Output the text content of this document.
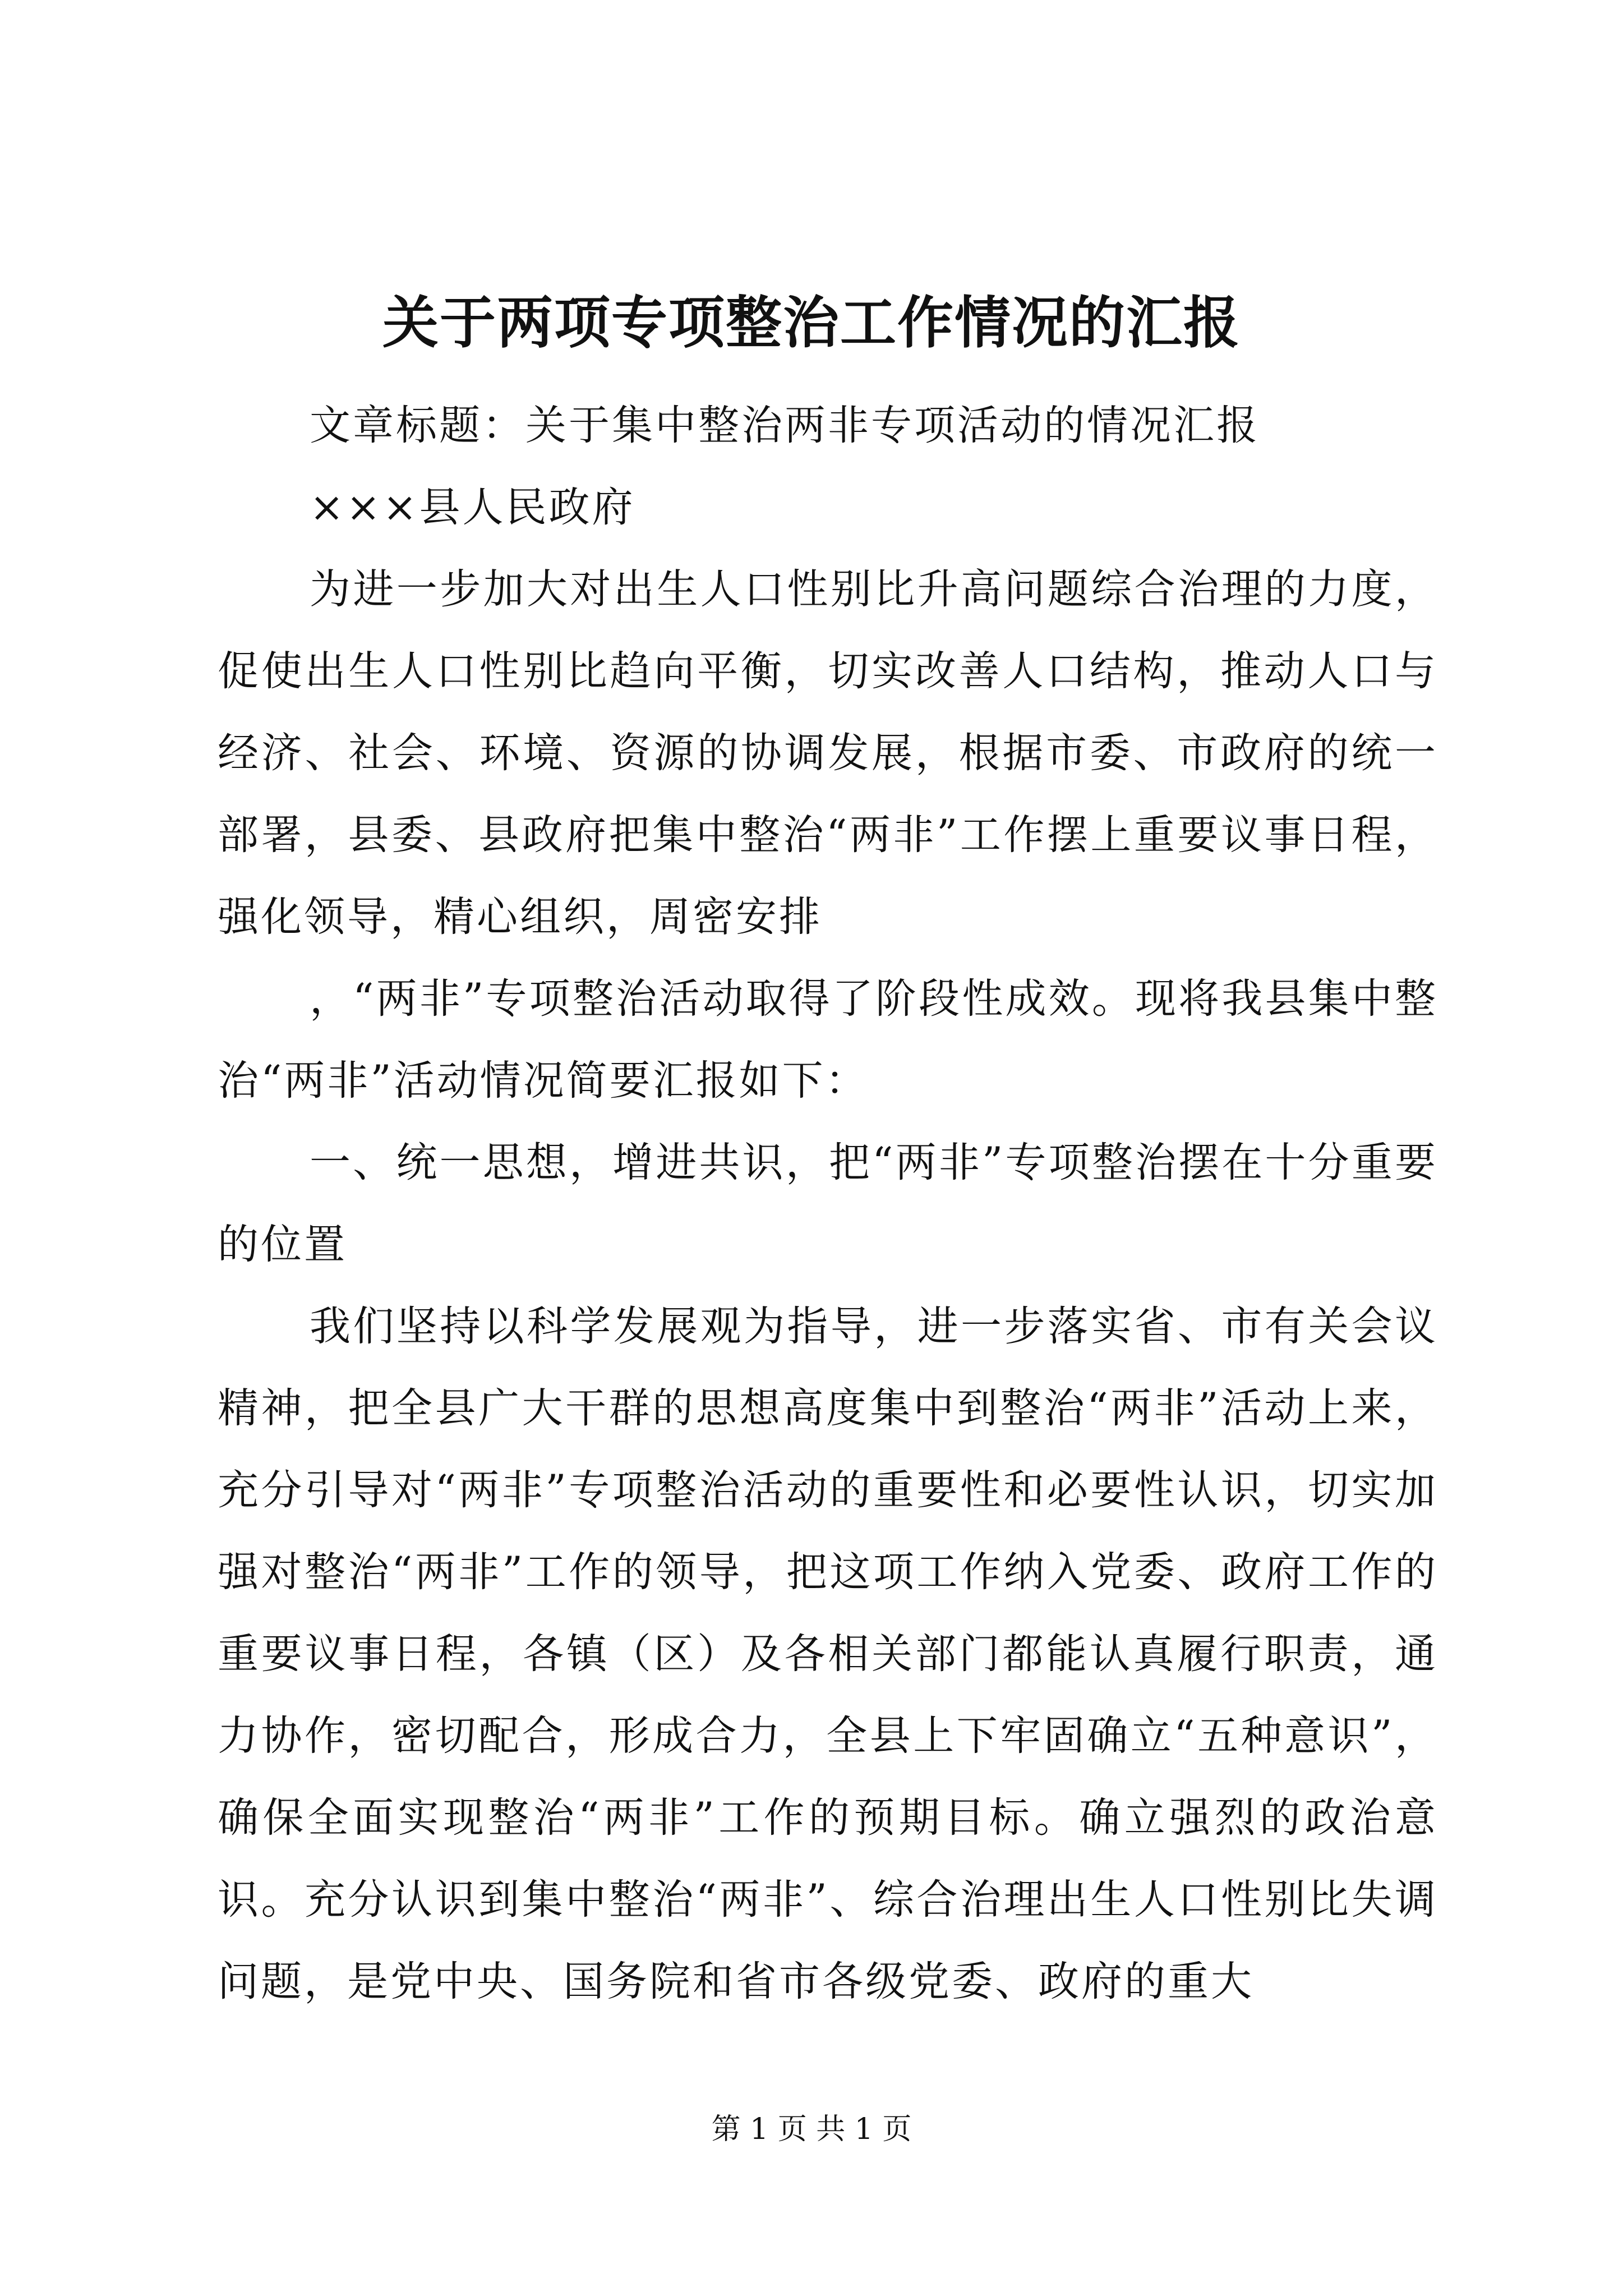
关于两项专项整治工作情况的汇报

文章标题：关于集中整治两非专项活动的情况汇报

×××县人民政府

为进一步加大对出生人口性别比升高问题综合治理的力度，促使出生人口性别比趋向平衡，切实改善人口结构，推动人口与经济、社会、环境、资源的协调发展，根据市委、市政府的统一部署，县委、县政府把集中整治“两非”工作摆上重要议事日程，强化领导，精心组织，周密安排

，“两非”专项整治活动取得了阶段性成效。现将我县集中整治“两非”活动情况简要汇报如下：

一、统一思想，增进共识，把“两非”专项整治摆在十分重要的位置

我们坚持以科学发展观为指导，进一步落实省、市有关会议精神，把全县广大干群的思想高度集中到整治“两非”活动上来，充分引导对“两非”专项整治活动的重要性和必要性认识，切实加强对整治“两非”工作的领导，把这项工作纳入党委、政府工作的重要议事日程，各镇（区）及各相关部门都能认真履行职责，通力协作，密切配合，形成合力，全县上下牢固确立“五种意识”，确保全面实现整治“两非”工作的预期目标。确立强烈的政治意识。充分认识到集中整治“两非”、综合治理出生人口性别比失调问题，是党中央、国务院和省市各级党委、政府的重大

第 1 页 共 1 页
